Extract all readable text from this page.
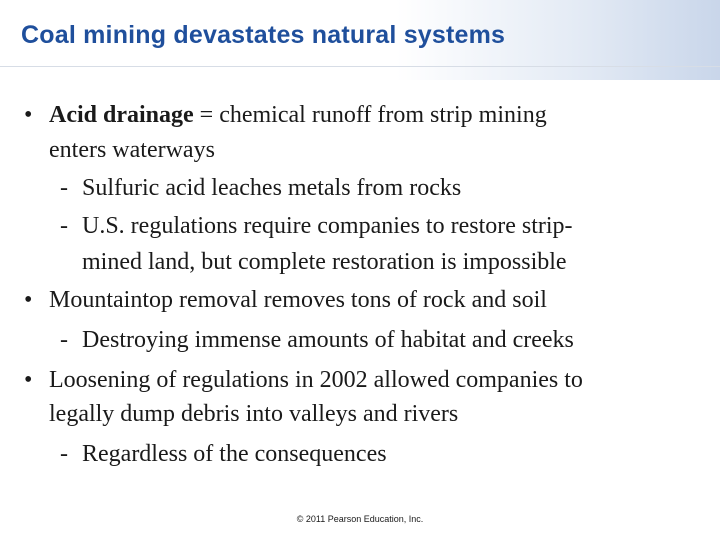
Coal mining devastates natural systems
• Acid drainage = chemical runoff from strip mining
enters waterways
- Sulfuric acid leaches metals from rocks
- U.S. regulations require companies to restore strip-
mined land, but complete restoration is impossible
• Mountaintop removal removes tons of rock and soil
- Destroying immense amounts of habitat and creeks
• Loosening of regulations in 2002 allowed companies to
legally dump debris into valleys and rivers
- Regardless of the consequences
© 2011 Pearson Education, Inc.
